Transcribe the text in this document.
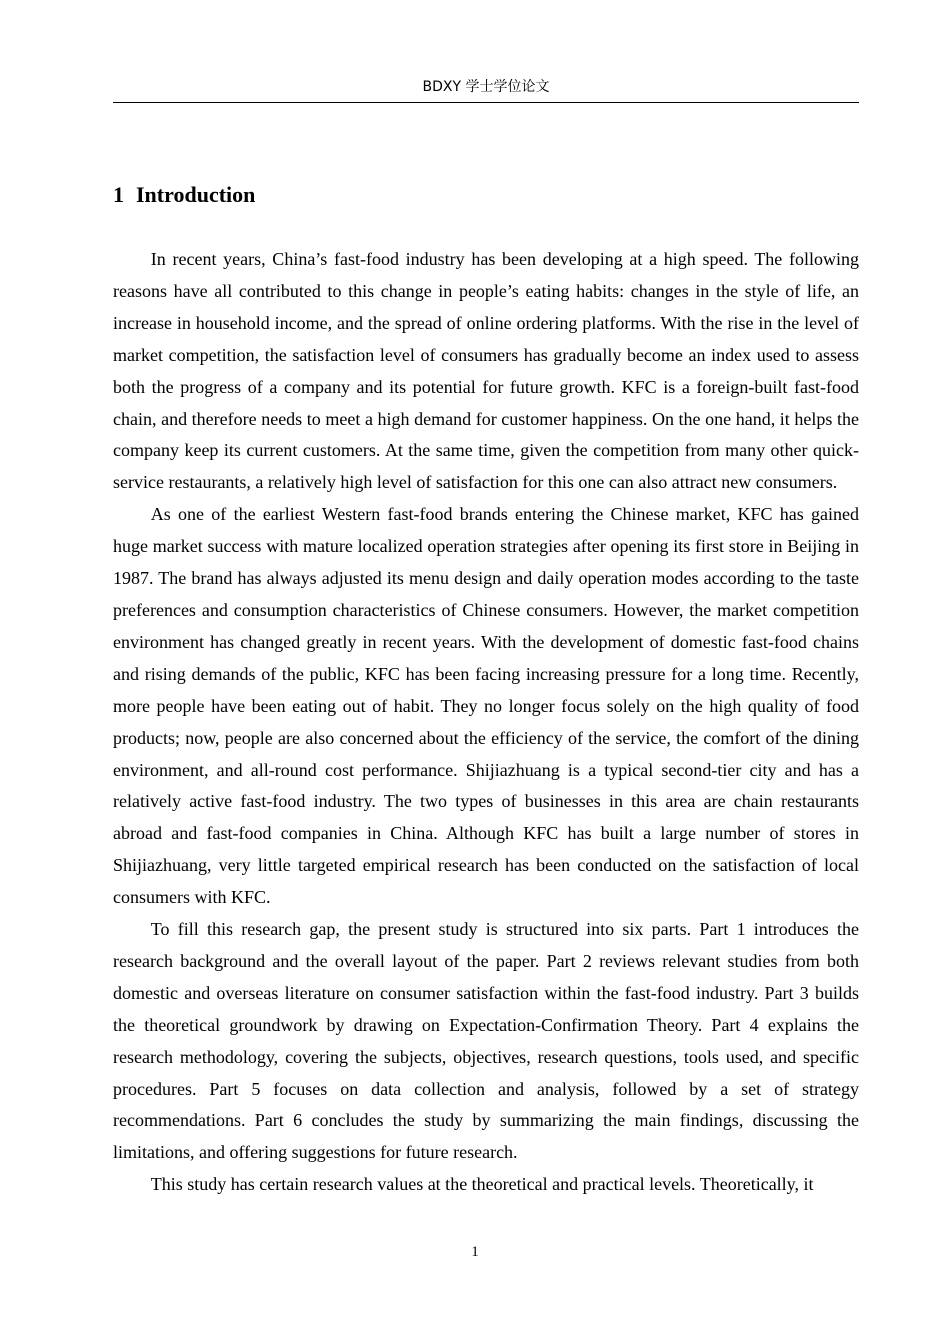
BDXY 学士学位论文
1 Introduction

In recent years, China’s fast-food industry has been developing at a high speed. The following reasons have all contributed to this change in people’s eating habits: changes in the style of life, an increase in household income, and the spread of online ordering platforms. With the rise in the level of market competition, the satisfaction level of consumers has gradually become an index used to assess both the progress of a company and its potential for future growth. KFC is a foreign-built fast-food chain, and therefore needs to meet a high demand for customer happiness. On the one hand, it helps the company keep its current customers. At the same time, given the competition from many other quick-service restaurants, a relatively high level of satisfaction for this one can also attract new consumers.

As one of the earliest Western fast-food brands entering the Chinese market, KFC has gained huge market success with mature localized operation strategies after opening its first store in Beijing in 1987. The brand has always adjusted its menu design and daily operation modes according to the taste preferences and consumption characteristics of Chinese consumers. However, the market competition environment has changed greatly in recent years. With the development of domestic fast-food chains and rising demands of the public, KFC has been facing increasing pressure for a long time. Recently, more people have been eating out of habit. They no longer focus solely on the high quality of food products; now, people are also concerned about the efficiency of the service, the comfort of the dining environment, and all-round cost performance. Shijiazhuang is a typical second-tier city and has a relatively active fast-food industry. The two types of businesses in this area are chain restaurants abroad and fast-food companies in China. Although KFC has built a large number of stores in Shijiazhuang, very little targeted empirical research has been conducted on the satisfaction of local consumers with KFC.

To fill this research gap, the present study is structured into six parts. Part 1 introduces the research background and the overall layout of the paper. Part 2 reviews relevant studies from both domestic and overseas literature on consumer satisfaction within the fast-food industry. Part 3 builds the theoretical groundwork by drawing on Expectation-Confirmation Theory. Part 4 explains the research methodology, covering the subjects, objectives, research questions, tools used, and specific procedures. Part 5 focuses on data collection and analysis, followed by a set of strategy recommendations. Part 6 concludes the study by summarizing the main findings, discussing the limitations, and offering suggestions for future research.

This study has certain research values at the theoretical and practical levels. Theoretically, it

1
